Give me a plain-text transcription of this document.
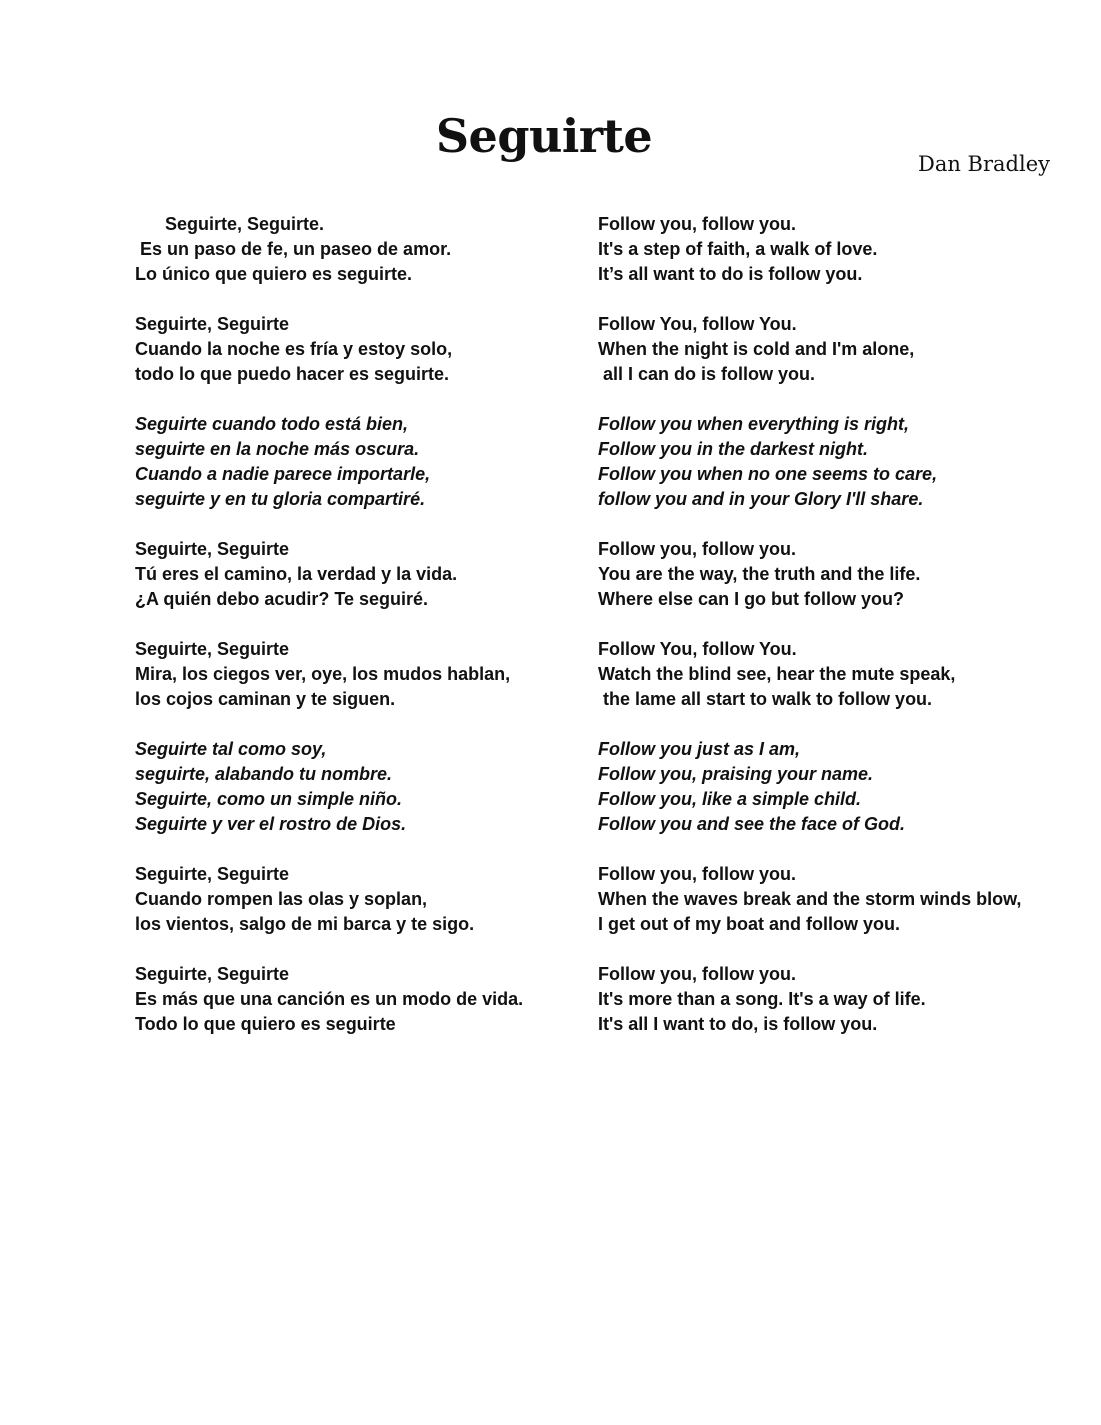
Seguirte
Dan Bradley
Seguirte, Seguirte.
Es un paso de fe, un paseo de amor.
Lo único que quiero es seguirte.
Seguirte, Seguirte
Cuando la noche es fría y estoy solo,
todo lo que puedo hacer es seguirte.
Seguirte cuando todo está bien,
seguirte en la noche más oscura.
Cuando a nadie parece importarle,
seguirte y en tu gloria compartiré.
Seguirte, Seguirte
Tú eres el camino, la verdad y la vida.
¿A quién debo acudir? Te seguiré.
Seguirte, Seguirte
Mira, los ciegos ver, oye, los mudos hablan,
los cojos caminan y te siguen.
Seguirte tal como soy,
seguirte, alabando tu nombre.
Seguirte, como un simple niño.
Seguirte y ver el rostro de Dios.
Seguirte, Seguirte
Cuando rompen las olas y soplan,
los vientos, salgo de mi barca y te sigo.
Seguirte, Seguirte
Es más que una canción es un modo de vida.
Todo lo que quiero es seguirte
Follow you, follow you.
It's a step of faith, a walk of love.
It’s all want to do is follow you.
Follow You, follow You.
When the night is cold and I'm alone,
all I can do is follow you.
Follow you when everything is right,
Follow you in the darkest night.
Follow you when no one seems to care,
follow you and in your Glory I'll share.
Follow you, follow you.
You are the way, the truth and the life.
Where else can I go but follow you?
Follow You, follow You.
Watch the blind see, hear the mute speak,
the lame all start to walk to follow you.
Follow you just as I am,
Follow you, praising your name.
Follow you, like a simple child.
Follow you and see the face of God.
Follow you, follow you.
When the waves break and the storm winds blow,
I get out of my boat and follow you.
Follow you, follow you.
It's more than a song. It's a way of life.
It's all I want to do, is follow you.
